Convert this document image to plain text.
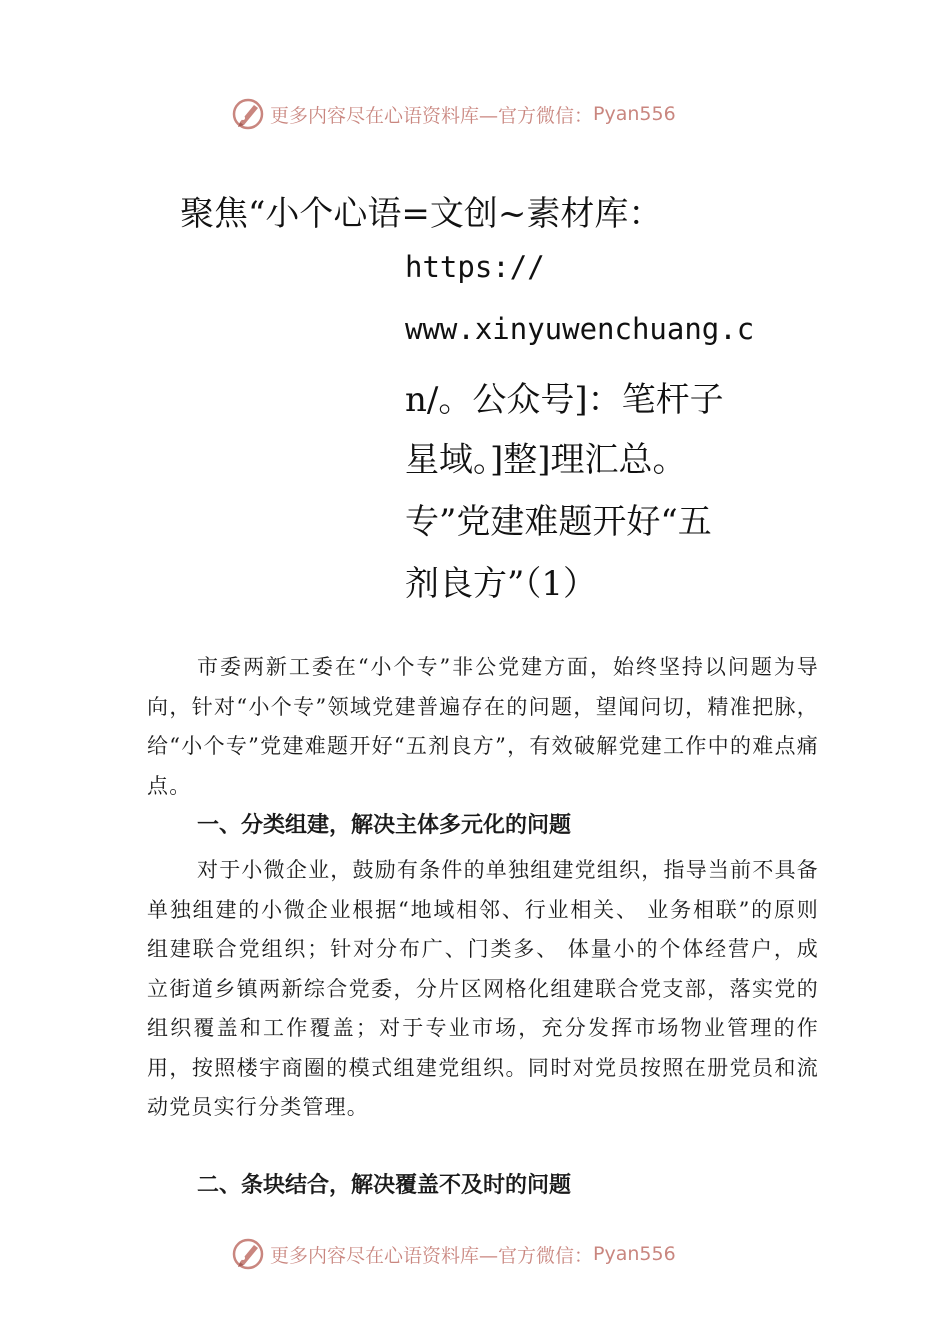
更多内容尽在心语资料库—官方微信： Pyan556
聚焦“小个心语=文创~素材库：
https://
www.xinyuwenchuang.c
n/。公众号]：笔杆子
星域。]整]理汇总。
专”党建难题开好“五
剂良方”（1）
市委两新工委在“小个专”非公党建方面，始终坚持以问题为导向，针对“小个专”领域党建普遍存在的问题，望闻问切，精准把脉，给“小个专”党建难题开好“五剂良方”，有效破解党建工作中的难点痛点。
一、分类组建，解决主体多元化的问题
对于小微企业，鼓励有条件的单独组建党组织，指导当前不具备单独组建的小微企业根据“地域相邻、行业相关、 业务相联”的原则组建联合党组织；针对分布广、门类多、 体量小的个体经营户，成立街道乡镇两新综合党委，分片区网格化组建联合党支部，落实党的组织覆盖和工作覆盖；对于专业市场，充分发挥市场物业管理的作用，按照楼宇商圈的模式组建党组织。同时对党员按照在册党员和流动党员实行分类管理。
二、条块结合，解决覆盖不及时的问题
更多内容尽在心语资料库—官方微信： Pyan556
